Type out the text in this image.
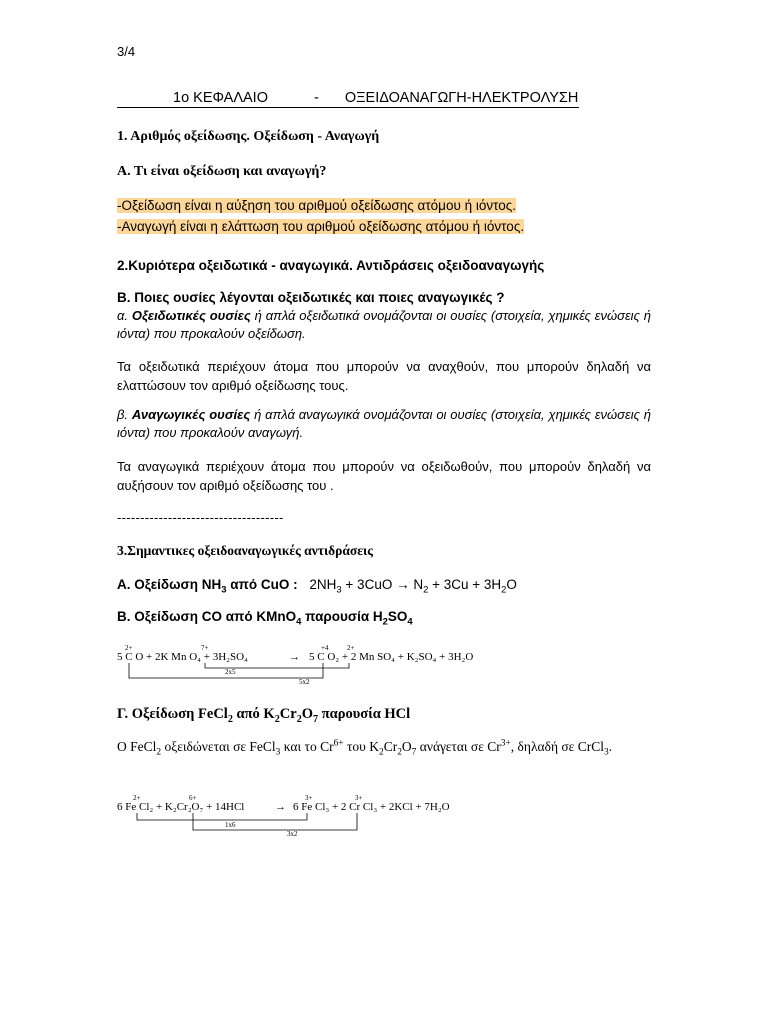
3/4
1ο ΚΕΦΑΛΑΙΟ	- ΟΞΕΙΔΟΑΝΑΓΩΓΗ-ΗΛΕΚΤΡΟΛΥΣΗ
1. Αριθμός οξείδωσης. Οξείδωση - Αναγωγή
Α. Τι είναι οξείδωση και αναγωγή?
-Οξείδωση είναι η αύξηση του αριθμού οξείδωσης ατόμου ή ιόντος.
-Αναγωγή είναι η ελάττωση του αριθμού οξείδωσης ατόμου ή ιόντος.
2.Κυριότερα οξειδωτικά - αναγωγικά. Αντιδράσεις οξειδοαναγωγής
Β. Ποιες ουσίες λέγονται οξειδωτικές και ποιες αναγωγικές ?
α. Οξειδωτικές ουσίες ή απλά οξειδωτικά ονομάζονται οι ουσίες (στοιχεία, χημικές ενώσεις ή ιόντα) που προκαλούν οξείδωση.
Τα οξειδωτικά περιέχουν άτομα που μπορούν να αναχθούν, που μπορούν δηλαδή να ελαττώσουν τον αριθμό οξείδωσης τους.
β. Αναγωγικές ουσίες ή απλά αναγωγικά ονομάζονται οι ουσίες (στοιχεία, χημικές ενώσεις ή ιόντα) που προκαλούν αναγωγή.
Τα αναγωγικά περιέχουν άτομα που μπορούν να οξειδωθούν, που μπορούν δηλαδή να αυξήσουν τον αριθμό οξείδωσης του .
------------------------------------
3.Σημαντικες οξειδοαναγωγικές αντιδράσεις
Α. Οξείδωση $NH_3$ από CuO : $2NH_3 + 3CuO \to N_2 + 3Cu + 3H_2O$
Β. Οξείδωση CO από KMnO$_4$ παρουσία $H_2SO_4$
2+	7+	+4	2+
5 C O + 2K Mn O₄ + 3H₂SO₄	→ 5 C O₂ + 2 Mn SO₄ + K₂SO₄ + 3H₂O
2x5
5x2
Γ. Οξείδωση FeCl$_2$ από $K_2Cr_2O_7$ παρουσία HCl
Ο FeCl$_2$ οξειδώνεται σε FeCl$_3$ και το $Cr^{6+}$ του $K_2Cr_2O_7$ ανάγεται σε $Cr^{3+}$, δηλαδή σε CrCl$_3$.
2+	6+	3+	3+
6 Fe Cl₂ + K₂Cr₂O₇ + 14HCl	→ 6 Fe Cl₃ + 2 Cr Cl₃ + 2KCl + 7H₂O
1x6
3x2
